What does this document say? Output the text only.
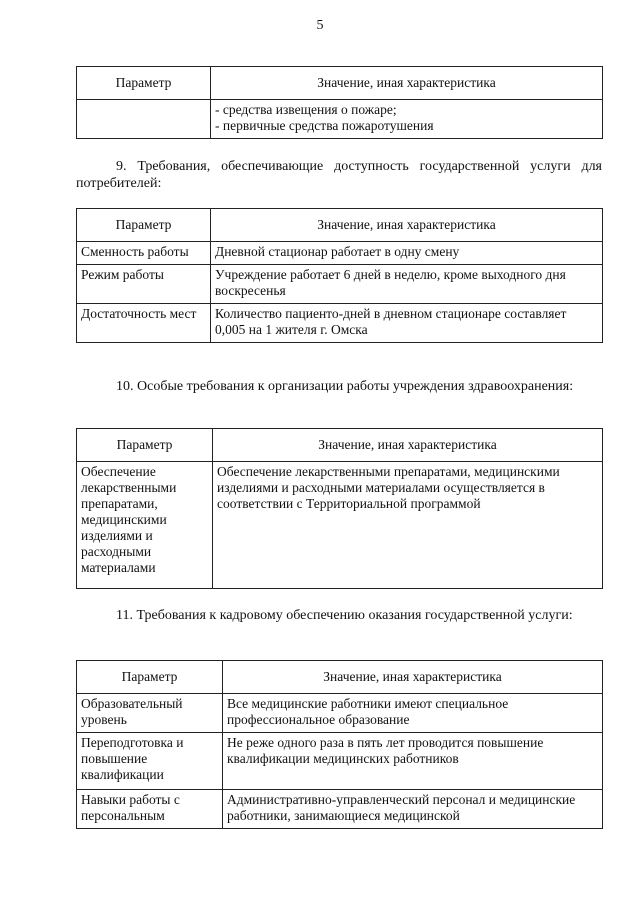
5
Параметр	Значение, иная характеристика

	- средства извещения о пожаре;
- первичные средства пожаротушения
9. Требования, обеспечивающие доступность государственной услуги для потребителей:
Параметр	Значение, иная характеристика
Сменность работы	Дневной стационар работает в одну смену
Режим работы	Учреждение работает 6 дней в неделю, кроме выходного дня воскресенья
Достаточность мест	Количество пациенто-дней в дневном стационаре составляет 0,005 на 1 жителя г. Омска
10. Особые требования к организации работы учреждения здравоохранения:
Параметр	Значение, иная характеристика
Обеспечение лекарственными препаратами, медицинскими изделиями и расходными материалами	Обеспечение лекарственными препаратами, медицинскими изделиями и расходными материалами осуществляется в соответствии с Территориальной программой
11. Требования к кадровому обеспечению оказания государственной услуги:
Параметр	Значение, иная характеристика
Образовательный уровень	Все медицинские работники имеют специальное профессиональное образование
Переподготовка и повышение квалификации	Не реже одного раза в пять лет проводится повышение квалификации медицинских работников
Навыки работы с персональным	Административно-управленческий персонал и медицинские работники, занимающиеся медицинской
